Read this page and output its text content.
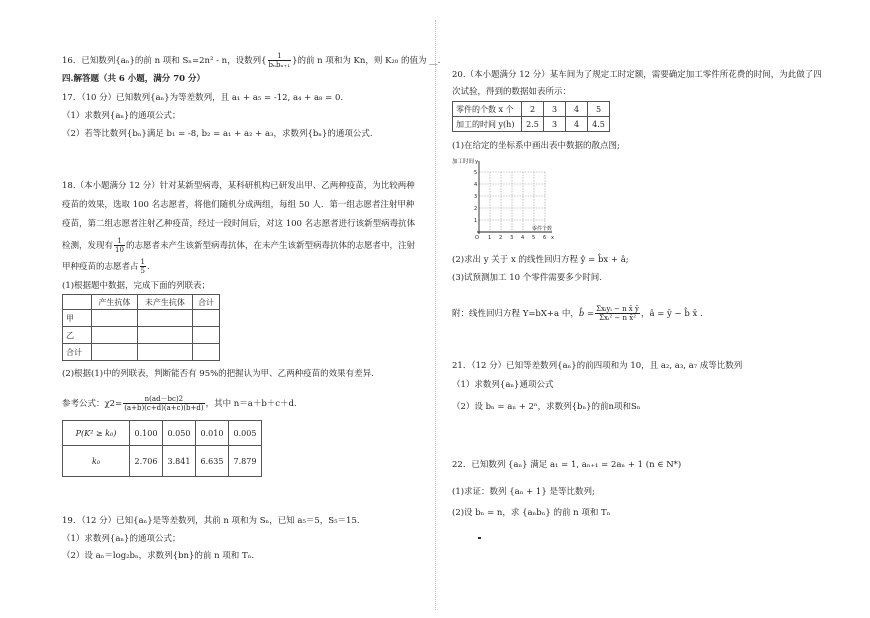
16．已知数列{aₙ}的前 n 项和 Sₙ=2n² - n，设数列{ $\frac{1}{\text{bₙbₙ₊₁}}$ }的前 n 项和为 Kn，则 K₂₀ 的值为 __.
四.解答题（共 6 小题，满分 70 分）
17．（10 分）已知数列{aₙ}为等差数列，且 a₁ + a₅ = -12, a₄ + a₈ = 0.
（1）求数列{aₙ}的通项公式；
（2）若等比数列{bₙ}满足 b₁ = -8, b₂ = a₁ + a₂ + a₃，求数列{bₙ}的通项公式.
18.（本小题满分 12 分）针对某新型病毒，某科研机构已研发出甲、乙两种疫苗，为比较两种
疫苗的效果，选取 100 名志愿者，将他们随机分成两组，每组 50 人．第一组志愿者注射甲种
疫苗，第二组志愿者注射乙种疫苗，经过一段时间后，对这 100 名志愿者进行该新型病毒抗体
检测，发现有 $\frac{1}{10}$ 的志愿者未产生该新型病毒抗体，在未产生该新型病毒抗体的志愿者中，注射
甲种疫苗的志愿者占 $\frac{1}{5}$ .
(1)根据题中数据，完成下面的列联表；
	产生抗体	未产生抗体	合计
甲			
乙			
合计			
(2)根据(1)中的列联表，判断能否有 95%的把握认为甲、乙两种疫苗的效果有差异.
参考公式：$\chi 2= \frac{n(ad-bc)2}{(a+b)(c+d)(a+c)(b+d)}$ ，其中 n＝a＋b＋c＋d.
P(K² ≥ k₀)	0.100	0.050	0.010	0.005
k₀	2.706	3.841	6.635	7.879
19．（12 分）已知{aₙ}是等差数列，其前 n 项和为 Sₙ，已知 a₅＝5，S₅＝15.
（1）求数列{aₙ}的通项公式；
（2）设 aₙ＝log₂bₙ，求数列{bn}的前 n 项和 Tₙ.
20.（本小题满分 12 分）某车间为了规定工时定额，需要确定加工零件所花费的时间，为此做了四
次试验，得到的数据如表所示：
零件的个数 x 个	2	3	4	5
加工的时间 y(h)	2.5	3	4	4.5
(1)在给定的坐标系中画出表中数据的散点图;
加工时间 y
5
4
3
2
1
O 1 2 3 4 5 6
零件个数
x
(2)求出 y 关于 x 的线性回归方程 ŷ = b̂x + â;
(3)试预测加工 10 个零件需要多少时间.
附：线性回归方程 Y=bX+a 中，b̂ = $\frac{\text{Σxᵢyᵢ − n x̄ ȳ}}{\text{Σxᵢ² − n x̄²}}$ ，â = ȳ − b̂ x̄ .
21．（12 分）已知等差数列{aₙ}的前四项和为 10，且 a₂, a₃, a₇ 成等比数列
（1）求数列{aₙ}通项公式
（2）设 bₙ = aₙ + 2ⁿ，求数列{bₙ}的前n项和Sₙ
22．已知数列 {aₙ} 满足 a₁ = 1, aₙ₊₁ = 2aₙ + 1 (n ∈ N*)
(1)求证：数列 {aₙ + 1} 是等比数列;
(2)设 bₙ = n，求 {aₙbₙ} 的前 n 项和 Tₙ
